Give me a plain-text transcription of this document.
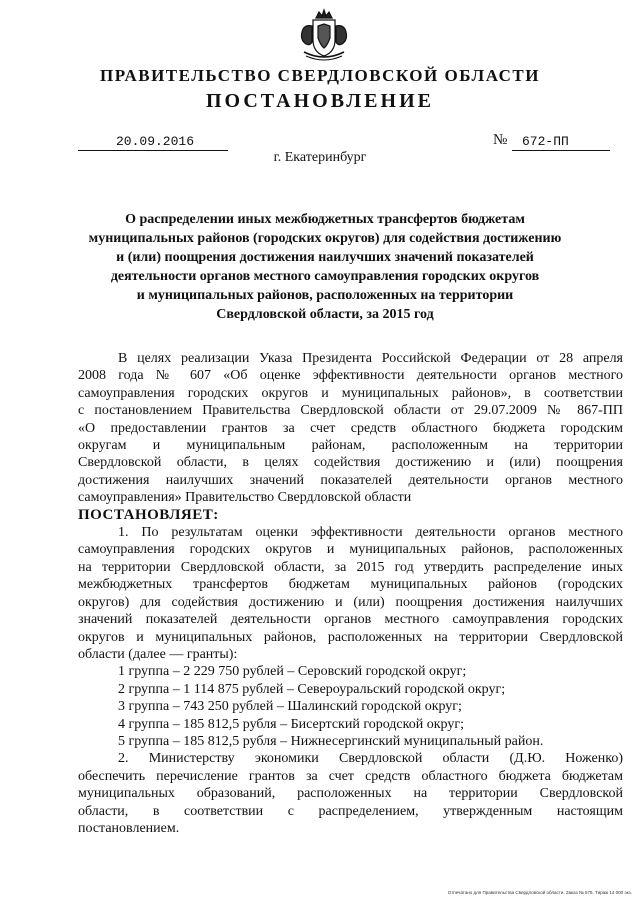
ПРАВИТЕЛЬСТВО СВЕРДЛОВСКОЙ ОБЛАСТИ
ПОСТАНОВЛЕНИЕ
20.09.2016	№	672-ПП
г. Екатеринбург
О распределении иных межбюджетных трансфертов бюджетам
муниципальных районов (городских округов) для содействия достижению
и (или) поощрения достижения наилучших значений показателей
деятельности органов местного самоуправления городских округов
и муниципальных районов, расположенных на территории
Свердловской области, за 2015 год
В целях реализации Указа Президента Российской Федерации от 28 апреля
2008 года № 607 «Об оценке эффективности деятельности органов местного
самоуправления городских округов и муниципальных районов», в соответствии
с постановлением Правительства Свердловской области от 29.07.2009 № 867-ПП
«О предоставлении грантов за счет средств областного бюджета городским
округам и муниципальным районам, расположенным на территории
Свердловской области, в целях содействия достижению и (или) поощрения
достижения наилучших значений показателей деятельности органов местного
самоуправления» Правительство Свердловской области
ПОСТАНОВЛЯЕТ:
1. По результатам оценки эффективности деятельности органов местного
самоуправления городских округов и муниципальных районов, расположенных
на территории Свердловской области, за 2015 год утвердить распределение иных
межбюджетных трансфертов бюджетам муниципальных районов (городских
округов) для содействия достижению и (или) поощрения достижения наилучших
значений показателей деятельности органов местного самоуправления городских
округов и муниципальных районов, расположенных на территории Свердловской
области (далее — гранты):
1 группа – 2 229 750 рублей – Серовский городской округ;
2 группа – 1 114 875 рублей – Североуральский городской округ;
3 группа – 743 250 рублей – Шалинский городской округ;
4 группа – 185 812,5 рубля – Бисертский городской округ;
5 группа – 185 812,5 рубля – Нижнесергинский муниципальный район.
2. Министерству экономики Свердловской области (Д.Ю. Ноженко)
обеспечить перечисление грантов за счет средств областного бюджета бюджетам
муниципальных образований, расположенных на территории Свердловской
области, в соответствии с распределением, утвержденным настоящим
постановлением.
Отпечатано для Правительства Свердловской области. Заказ № 575. Тираж 14 000 экз.
